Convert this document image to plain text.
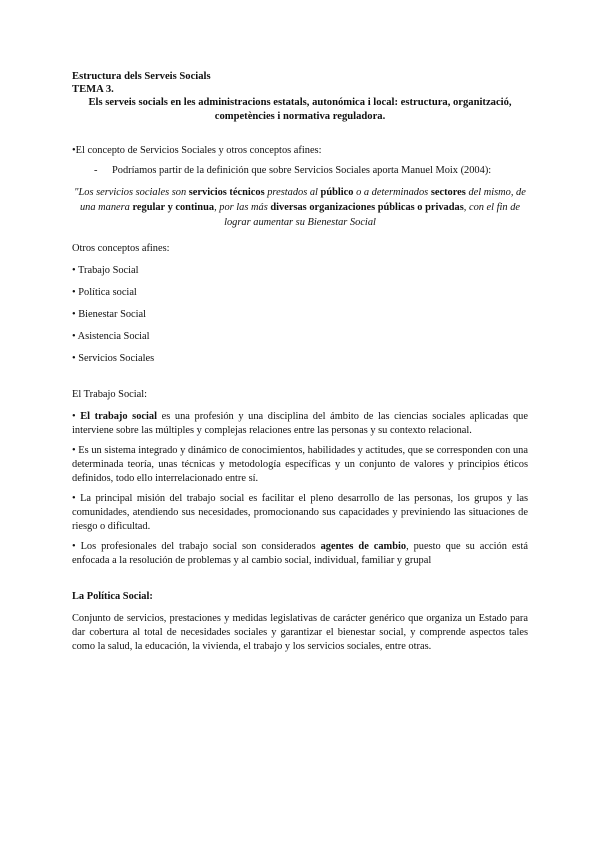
Estructura dels Serveis Socials
TEMA 3.
Els serveis socials en les administracions estatals, autonómica i local: estructura, organització, competències i normativa reguladora.

•El concepto de Servicios Sociales y otros conceptos afines:

- Podríamos partir de la definición que sobre Servicios Sociales aporta Manuel Moix (2004):

"Los servicios sociales son servicios técnicos prestados al público o a determinados sectores del mismo, de una manera regular y continua, por las más diversas organizaciones públicas o privadas, con el fin de lograr aumentar su Bienestar Social

Otros conceptos afines:

• Trabajo Social

• Política social

• Bienestar Social

• Asistencia Social

• Servicios Sociales

El Trabajo Social:

• El trabajo social es una profesión y una disciplina del ámbito de las ciencias sociales aplicadas que interviene sobre las múltiples y complejas relaciones entre las personas y su contexto relacional.

• Es un sistema integrado y dinámico de conocimientos, habilidades y actitudes, que se corresponden con una determinada teoría, unas técnicas y metodología específicas y un conjunto de valores y principios éticos definidos, todo ello interrelacionado entre sí.

• La principal misión del trabajo social es facilitar el pleno desarrollo de las personas, los grupos y las comunidades, atendiendo sus necesidades, promocionando sus capacidades y previniendo las situaciones de riesgo o dificultad.

• Los profesionales del trabajo social son considerados agentes de cambio, puesto que su acción está enfocada a la resolución de problemas y al cambio social, individual, familiar y grupal

La Política Social:

Conjunto de servicios, prestaciones y medidas legislativas de carácter genérico que organiza un Estado para dar cobertura al total de necesidades sociales y garantizar el bienestar social, y comprende aspectos tales como la salud, la educación, la vivienda, el trabajo y los servicios sociales, entre otras.
